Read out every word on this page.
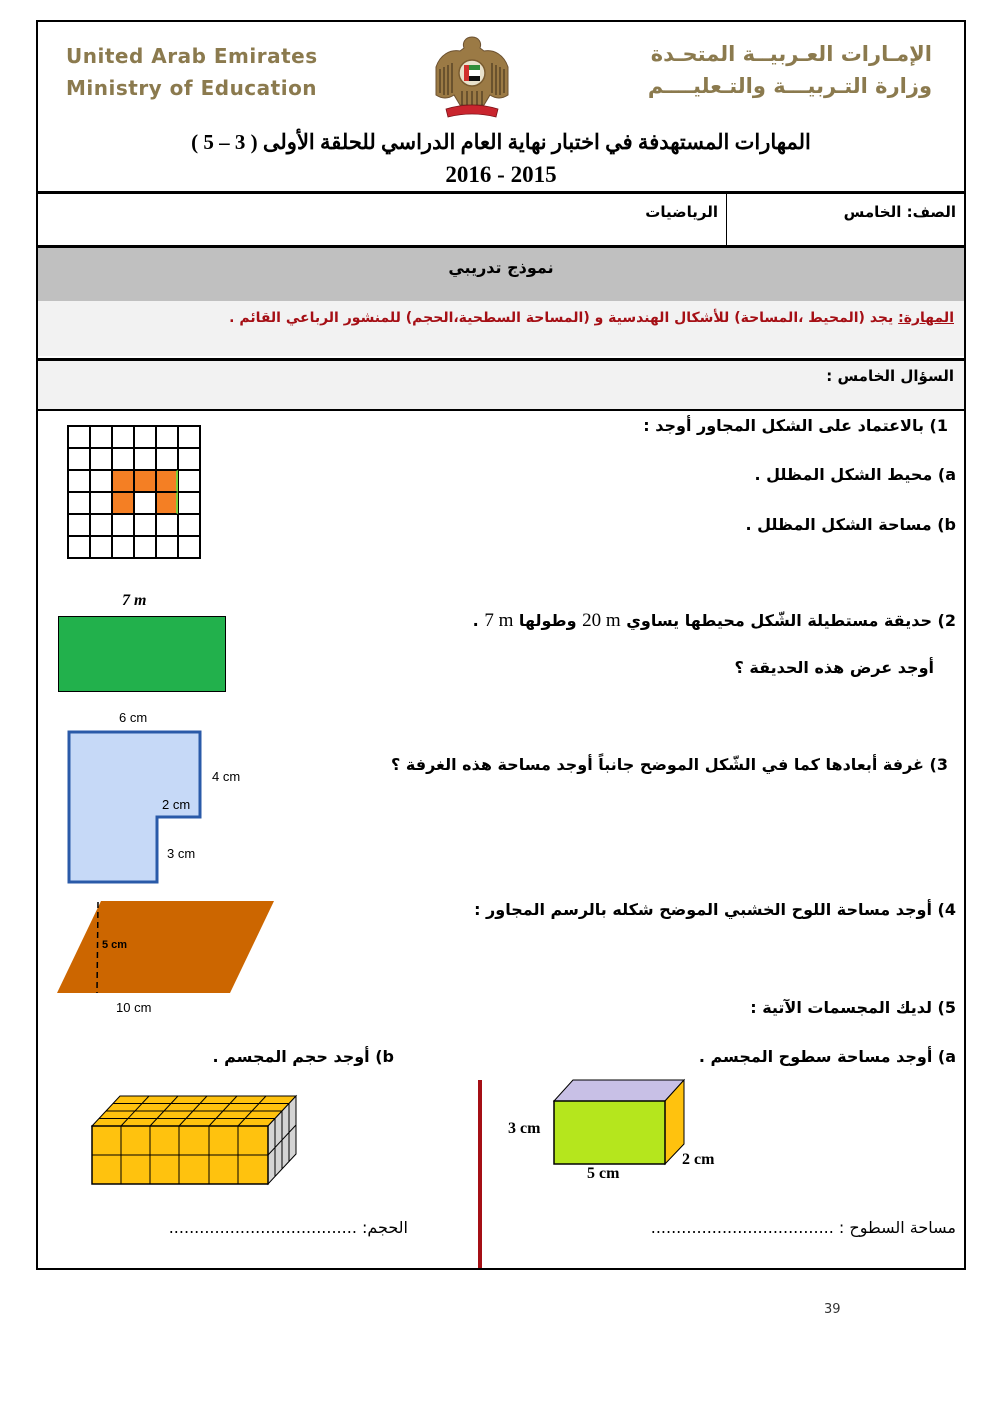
United Arab Emirates
Ministry of Education
الإمـارات العـربيــة المتحـدة
وزارة التـربيـــة والتـعليــــم
المهارات المستهدفة في اختبار نهاية العام الدراسي للحلقة الأولى ( 3 – 5 )
2016 - 2015
الصف: الخامس
الرياضيات
نموذج تدريبي
المهارة: يجد (المحيط ،المساحة) للأشكال الهندسية و (المساحة السطحية،الحجم) للمنشور الرباعي القائم .
السؤال الخامس :
1) بالاعتماد على الشكل المجاور أوجد :
a) محيط الشكل المظلل .
b) مساحة الشكل المظلل .
7 m
2) حديقة مستطيلة الشّكل محيطها يساوي 20 m وطولها 7 m .
أوجد عرض هذه الحديقة ؟
6 cm
4 cm
2 cm
3 cm
3) غرفة أبعادها كما في الشّكل الموضح جانباً أوجد مساحة هذه الغرفة ؟
5 cm
10 cm
4) أوجد مساحة اللوح الخشبي الموضح شكله بالرسم المجاور :
5) لديك المجسمات الآتية :
a) أوجد مساحة سطوح المجسم .
b) أوجد حجم المجسم .
3 cm
5 cm
2 cm
مساحة السطوح : ....................................
الحجم: .....................................
39
